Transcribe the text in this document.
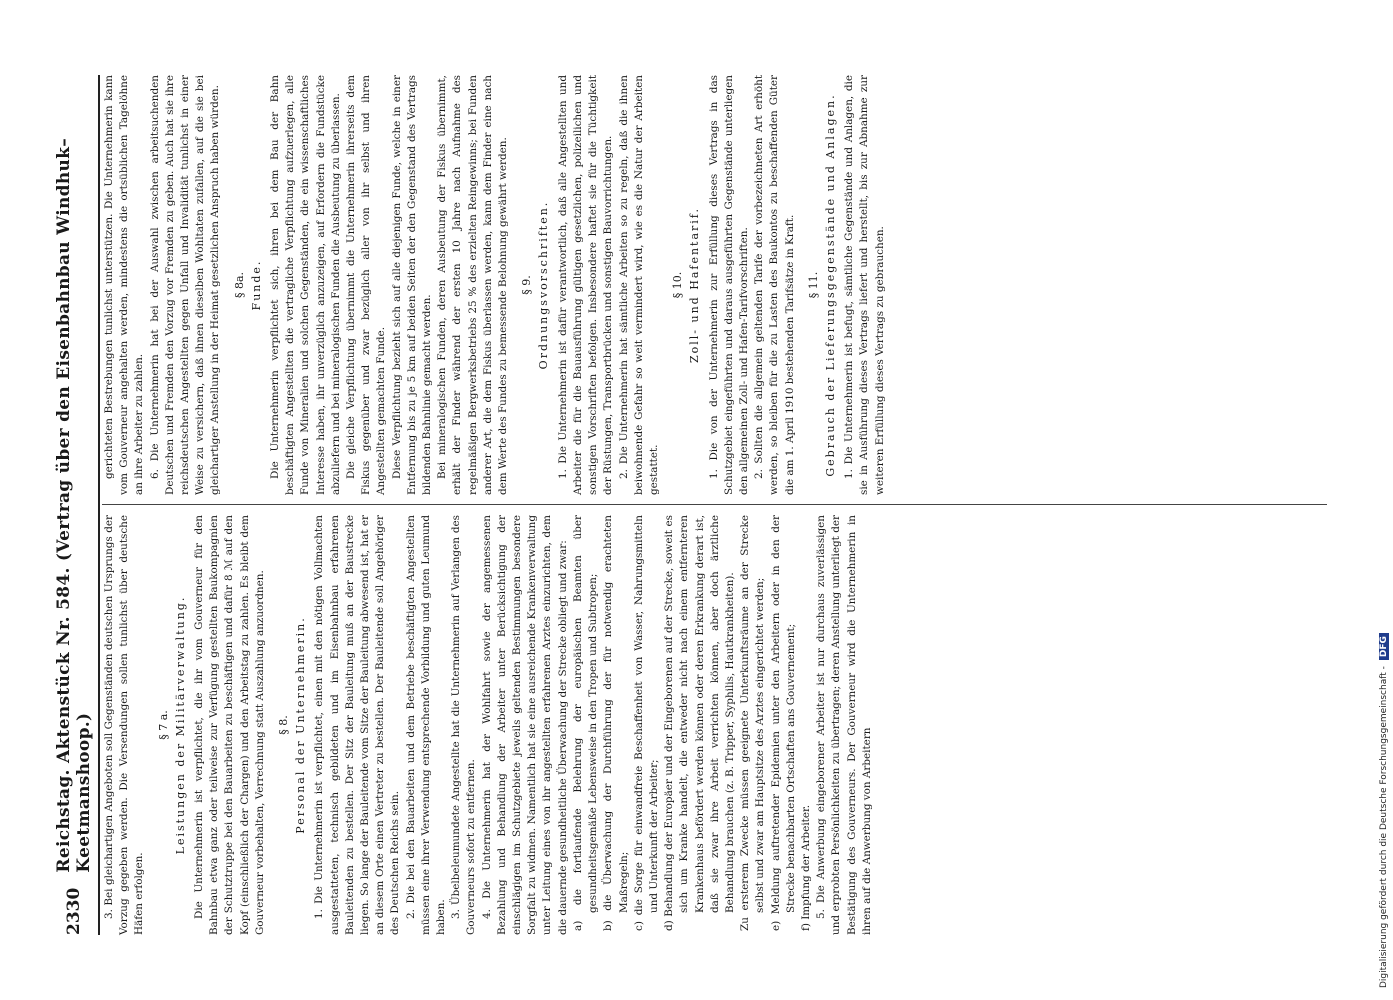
2330
Reichstag. Aktenstück Nr. 584. (Vertrag über den Eisenbahnbau Windhuk–Keetmanshoop.) 3. Bei gleichartigen Angeboten soll Gegenständen deutschen Ursprungs der Vorzug gegeben werden. Die Versendungen sollen tunlichst über deutsche Häfen erfolgen.

§ 7 a. Leistungen der Militärverwaltung. Die Unternehmerin ist verpflichtet, die ihr vom Gouverneur für den Bahnbau etwa ganz oder teilweise zur Verfügung gestellten Baukompagnien der Schutztruppe bei den Bauarbeiten zu beschäftigen und dafür 8 ℳ auf den Kopf (einschließlich der Chargen) und den Arbeitstag zu zahlen. Es bleibt dem Gouverneur vorbehalten, Verrechnung statt Auszahlung anzuordnen. § 8. Personal der Unternehmerin. 1. Die Unternehmerin ist verpflichtet, einen mit den nötigen Vollmachten ausgestatteten, technisch gebildeten und im Eisenbahnbau erfahrenen Bauleitenden zu bestellen. Der Sitz der Bauleitung muß an der Baustrecke liegen. So lange der Bauleitende vom Sitze der Bauleitung abwesend ist, hat er an diesem Orte einen Vertreter zu bestellen. Der Bauleitende soll Angehöriger des Deutschen Reichs sein. 2. Die bei den Bauarbeiten und dem Betriebe beschäftigten Angestellten müssen eine ihrer Verwendung entsprechende Vorbildung und guten Leumund haben. 3. Übelbeleumundete Angestellte hat die Unternehmerin auf Verlangen des Gouverneurs sofort zu entfernen. 4. Die Unternehmerin hat der Wohlfahrt sowie der angemessenen Bezahlung und Behandlung der Arbeiter unter Berücksichtigung der einschlägigen im Schutzgebiete jeweils geltenden Bestimmungen besondere Sorgfalt zu widmen. Namentlich hat sie eine ausreichende Krankenverwaltung unter Leitung eines von ihr angestellten erfahrenen Arztes einzurichten, dem die dauernde gesundheitliche Überwachung der Strecke obliegt und zwar: a) die fortlaufende Belehrung der europäischen Beamten über gesundheitsgemäße Lebensweise in den Tropen und Subtropen; b) die Überwachung der Durchführung der für notwendig erachteten Maßregeln; c) die Sorge für einwandfreie Beschaffenheit von Wasser, Nahrungsmitteln und Unterkunft der Arbeiter; d) Behandlung der Europäer und der Eingeborenen auf der Strecke, soweit es sich um Kranke handelt, die entweder nicht nach einem entfernteren Krankenhaus befördert werden können oder deren Erkrankung derart ist, daß sie zwar ihre Arbeit verrichten können, aber doch ärztliche Behandlung brauchen (z. B. Tripper, Syphilis, Hautkrankheiten). Zu ersterem Zwecke müssen geeignete Unterkunftsräume an der Strecke selbst und zwar am Hauptsitze des Arztes eingerichtet werden; e) Meldung auftretender Epidemien unter den Arbeitern oder in den der Strecke benachbarten Ortschaften ans Gouvernement; f) Impfung der Arbeiter. 5. Die Anwerbung eingeborener Arbeiter ist nur durchaus zuverlässigen und erprobten Persönlichkeiten zu übertragen; deren Anstellung unterliegt der Bestätigung des Gouverneurs. Der Gouverneur wird die Unternehmerin in ihren auf die Anwerbung von Arbeitern

gerichteten Bestrebungen tunlichst unterstützen. Die Unternehmerin kann vom Gouverneur angehalten werden, mindestens die ortsüblichen Tagelöhne an ihre Arbeiter zu zahlen. 6. Die Unternehmerin hat bei der Auswahl zwischen arbeitsuchenden Deutschen und Fremden den Vorzug vor Fremden zu geben. Auch hat sie ihre reichsdeutschen Angestellten gegen Unfall und Invalidität tunlichst in einer Weise zu versichern, daß ihnen dieselben Wohltaten zufallen, auf die sie bei gleichartiger Anstellung in der Heimat gesetzlichen Anspruch haben würden. § 8a. Funde. Die Unternehmerin verpflichtet sich, ihren bei dem Bau der Bahn beschäftigten Angestellten die vertragliche Verpflichtung aufzuerlegen, alle Funde von Mineralien und solchen Gegenständen, die ein wissenschaftliches Interesse haben, ihr unverzüglich anzuzeigen, auf Erfordern die Fundstücke abzuliefern und bei mineralogischen Funden die Ausbeutung zu überlassen. Die gleiche Verpflichtung übernimmt die Unternehmerin ihrerseits dem Fiskus gegenüber und zwar bezüglich aller von ihr selbst und ihren Angestellten gemachten Funde. Diese Verpflichtung bezieht sich auf alle diejenigen Funde, welche in einer Entfernung bis zu je 5 km auf beiden Seiten der den Gegenstand des Vertrags bildenden Bahnlinie gemacht werden. Bei mineralogischen Funden, deren Ausbeutung der Fiskus übernimmt, erhält der Finder während der ersten 10 Jahre nach Aufnahme des regelmäßigen Bergwerksbetriebs 25 % des erzielten Reingewinns; bei Funden anderer Art, die dem Fiskus überlassen werden, kann dem Finder eine nach dem Werte des Fundes zu bemessende Belohnung gewährt werden. § 9. Ordnungsvorschriften. 1. Die Unternehmerin ist dafür verantwortlich, daß alle Angestellten und Arbeiter die für die Bauausführung gültigen gesetzlichen, polizeilichen und sonstigen Vorschriften befolgen. Insbesondere haftet sie für die Tüchtigkeit der Rüstungen, Transportbrücken und sonstigen Bauvorrichtungen. 2. Die Unternehmerin hat sämtliche Arbeiten so zu regeln, daß die ihnen beiwohnende Gefahr so weit vermindert wird, wie es die Natur der Arbeiten gestattet.

§ 10. Zoll- und Hafentarif. 1. Die von der Unternehmerin zur Erfüllung dieses Vertrags in das Schutzgebiet eingeführten und daraus ausgeführten Gegenstände unterliegen den allgemeinen Zoll- und Hafen-Tarifvorschriften. 2. Sollten die allgemein geltenden Tarife der vorbezeichneten Art erhöht werden, so bleiben für die zu Lasten des Baukontos zu beschaffenden Güter die am 1. April 1910 bestehenden Tarifsätze in Kraft. § 11. Gebrauch der Lieferungsgegenstände und Anlagen. 1. Die Unternehmerin ist befugt, sämtliche Gegenstände und Anlagen, die sie in Ausführung dieses Vertrags liefert und herstellt, bis zur Abnahme zur weiteren Erfüllung dieses Vertrags zu gebrauchen.

Digitalisierung gefördert durch die Deutsche Forschungsgemeinschaft -
DFG
